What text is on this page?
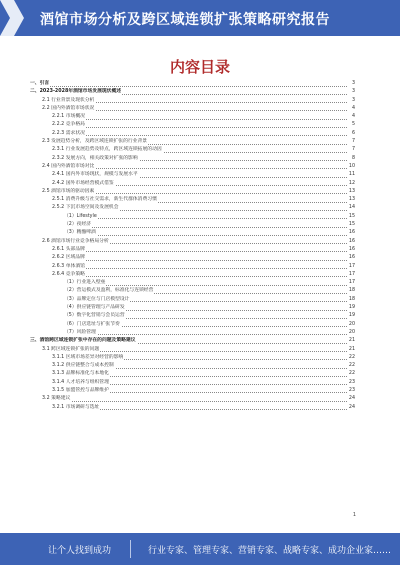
酒馆市场分析及跨区域连锁扩张策略研究报告
内容目录
一、引言	3
二、2023-2028年酒馆市场发展现状概述	3
2.1 行业背景及现状分析	3
2.2 国内外酒馆市场状况	4
2.2.1 市场概况	4
2.2.2 竞争格局	5
2.2.3 需求状况	6
2.3 发展趋势分析，及跨区域连锁扩张的行业背景	7
2.3.1 行业发展趋势及特点，跨区域连锁拓展的动因	7
2.3.2 发展方向，相关政策对扩张的影响	8
2.4 国内外酒馆市场对比	10
2.4.1 国内外市场现状，规模与发展水平	11
2.4.2 国外市场经营模式借鉴	12
2.5 酒馆市场的驱动因素	13
2.5.1 消费升级与社交需求，新生代群体消费习惯	13
2.5.2 下沉市场空间及发展机会	14
（1）Lifestyle	15
（2）夜经济	15
（3）精酿啤酒	16
2.6 酒馆市场行业竞争格局分析	16
2.6.1 头部品牌	16
2.6.2 区域品牌	16
2.6.3 单体酒馆	17
2.6.4 竞争策略	17
（1）行业进入壁垒	17
（2）营运模式及盈利，标准化与连锁经营	18
（3）品牌定位与门店模型设计	18
（4）供应链管理与产品研发	19
（5）数字化营销与会员运营	19
（6）门店选址与扩张节奏	20
（7）风险管理	20
三、酒馆跨区域连锁扩张中存在的问题及策略建议	21
3.1 跨区域连锁扩张的问题	21
3.1.1 区域市场差异对经营的影响	22
3.1.2 供应链整合与成本控制	22
3.1.3 品牌标准化与本地化	22
3.1.4 人才培养与组织管理	23
3.1.5 加盟管控与品牌维护	23
3.2 策略建议	24
3.2.1 市场调研与选址	24
1
让个人找到成功	行业专家、管理专家、营销专家、战略专家、成功企业家……
